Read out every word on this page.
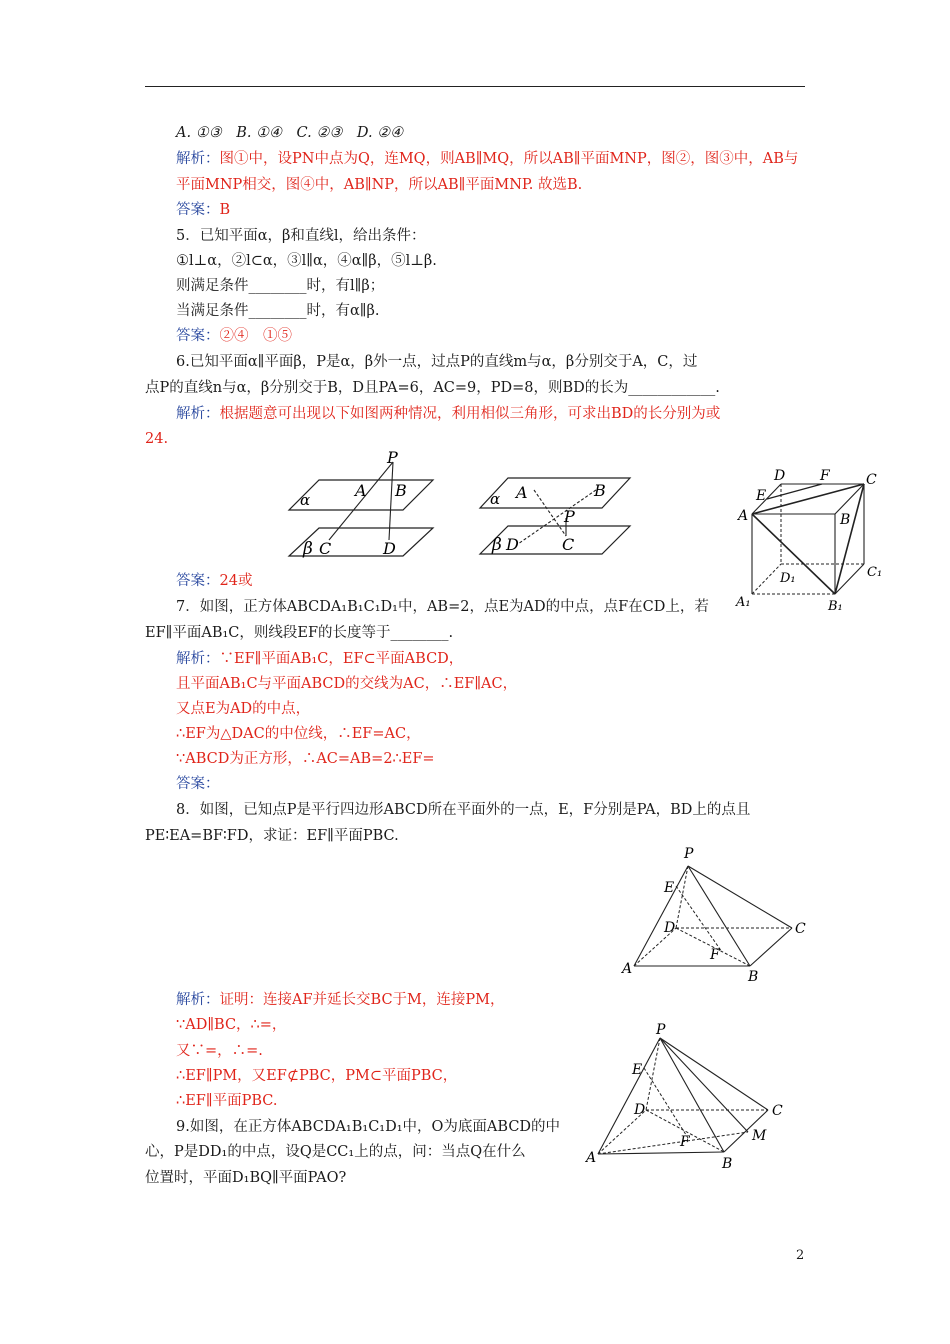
A. ①③　B. ①④　C. ②③　D. ②④
解析：图①中，设PN中点为Q，连MQ，则AB∥MQ，所以AB∥平面MNP，图②，图③中，AB与
平面MNP相交，图④中，AB∥NP，所以AB∥平面MNP. 故选B.
答案：B
5．已知平面α，β和直线l，给出条件：
①l⊥α，②l⊂α，③l∥α，④α∥β，⑤l⊥β.
则满足条件________时，有l∥β；
当满足条件________时，有α∥β.
答案：②④　①⑤
6.已知平面α∥平面β，P是α，β外一点，过点P的直线m与α，β分别交于A，C，过
点P的直线n与α，β分别交于B，D且PA=6，AC=9，PD=8，则BD的长为____________.
解析：根据题意可出现以下如图两种情况，利用相似三角形，可求出BD的长分别为或
24.
P
A B
α
β C	D
α A	B
P
β D	C
D F	C
E
A	B
D₁	C₁
A₁	B₁
答案：24或
7．如图，正方体ABCDA₁B₁C₁D₁中，AB=2，点E为AD的中点，点F在CD上，若
EF∥平面AB₁C，则线段EF的长度等于________.
解析：∵EF∥平面AB₁C，EF⊂平面ABCD，
且平面AB₁C与平面ABCD的交线为AC，∴EF∥AC，
又点E为AD的中点，
∴EF为△DAC的中位线，∴EF=AC，
∵ABCD为正方形，∴AC=AB=2∴EF=
答案：
8．如图，已知点P是平行四边形ABCD所在平面外的一点，E，F分别是PA，BD上的点且
PE∶EA=BF∶FD，求证：EF∥平面PBC.
P
E
D	C
F
A	B
解析：证明：连接AF并延长交BC于M，连接PM，
∵AD∥BC，∴=，
又∵=，∴=.
∴EF∥PM，又EF⊄PBC，PM⊂平面PBC，
∴EF∥平面PBC.
P
E
D	C
M
F
A	B
9.如图，在正方体ABCDA₁B₁C₁D₁中，O为底面ABCD的中
心，P是DD₁的中点，设Q是CC₁上的点，问：当点Q在什么
位置时，平面D₁BQ∥平面PAO?
2
